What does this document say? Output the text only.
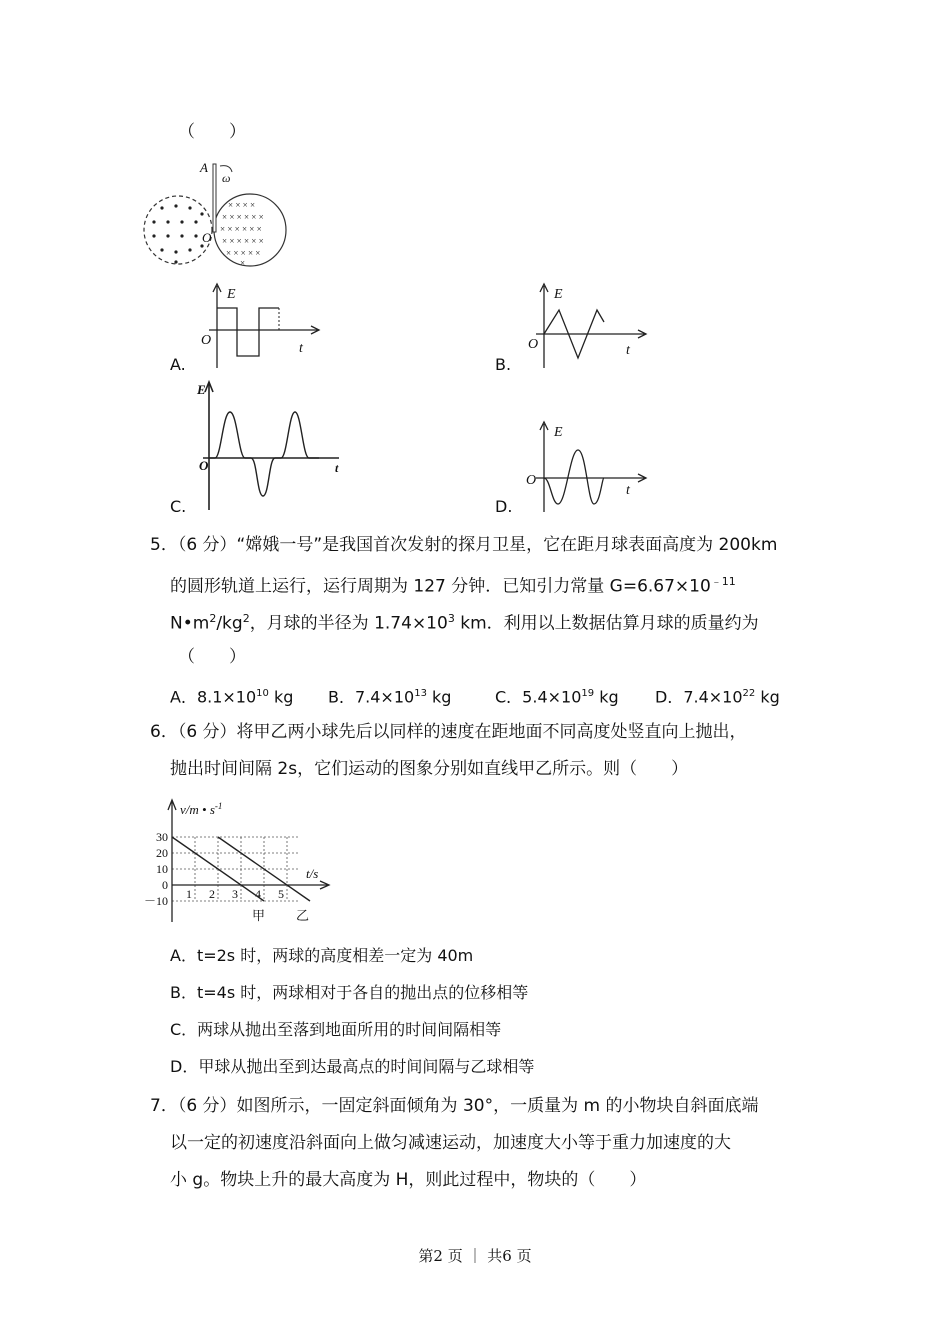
（　　）
× × × ×
× × × × × ×
× × × × × ×
× × × × × ×
× × × × ×
×
A
O
ω
A.
E
O
t
B.
E
O	t
C.
E
O	t
D.
E
O
t
5．（6 分）“嫦娥一号”是我国首次发射的探月卫星，它在距月球表面高度为 200km
的圆形轨道上运行，运行周期为 127 分钟．已知引力常量 $G=6.67\times 10^{﹣11}$
$N•m^2/kg^2$，月球的半径为 $1.74\times 10^3$ km．利用以上数据估算月球的质量约为
（　　）
A．$8.1\times 10^{10}$ kg B．$7.4\times 10^{13}$ kg	C．$5.4\times 10^{19}$ kg D．$7.4\times 10^{22}$ kg
6．（6 分）将甲乙两小球先后以同样的速度在距地面不同高度处竖直向上抛出，
抛出时间间隔 2s，它们运动的图象分别如直线甲乙所示。则（　　）
v/m • $s^{-1}$
t/s
30
20
10
0
－10 1 2 3 4 5
甲 乙
A．t=2s 时，两球的高度相差一定为 40m
B．t=4s 时，两球相对于各自的抛出点的位移相等
C．两球从抛出至落到地面所用的时间间隔相等
D．甲球从抛出至到达最高点的时间间隔与乙球相等
7．（6 分）如图所示，一固定斜面倾角为 30°，一质量为 m 的小物块自斜面底端
以一定的初速度沿斜面向上做匀减速运动，加速度大小等于重力加速度的大
小 g。物块上升的最大高度为 H，则此过程中，物块的（　　）
第2 页 ｜ 共6 页
